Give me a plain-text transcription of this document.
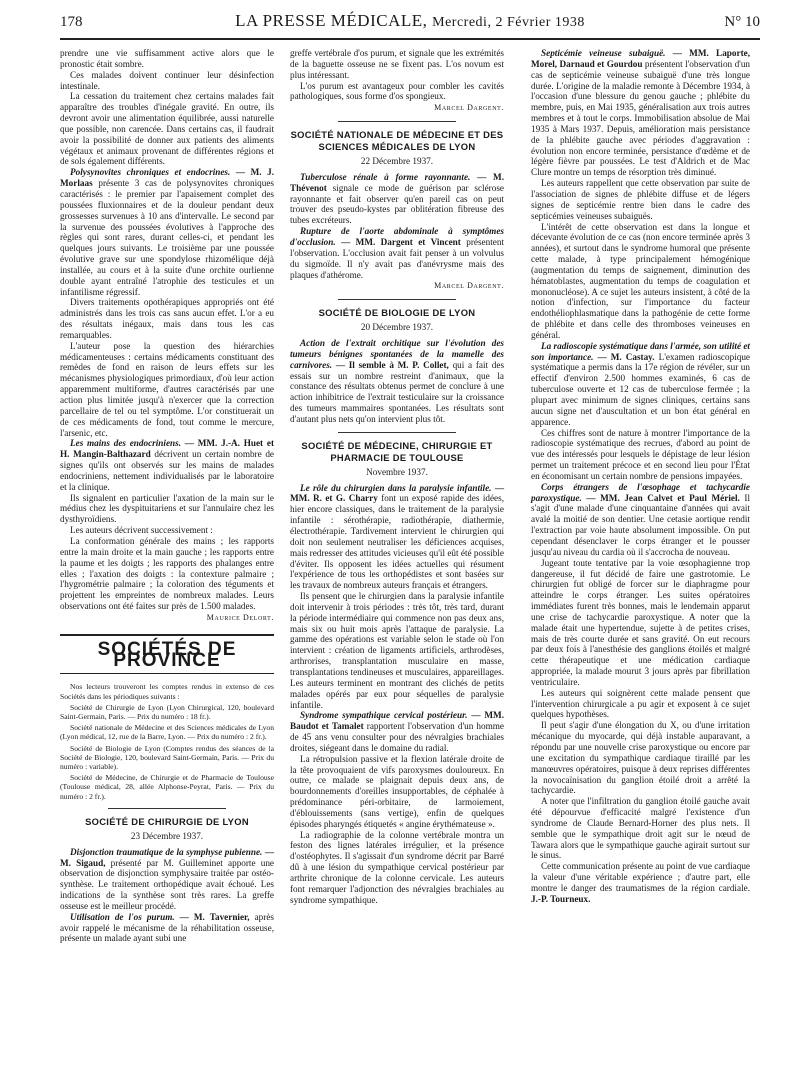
178	LA PRESSE MÉDICALE, Mercredi, 2 Février 1938	N° 10

prendre une vie suffisamment active alors que le pronostic était sombre.

Ces malades doivent continuer leur désinfection intestinale.

La cessation du traitement chez certains malades fait apparaître des troubles d'inégale gravité. En outre, ils devront avoir une alimentation équilibrée, aussi naturelle que possible, non carencée. Dans certains cas, il faudrait avoir la possibilité de donner aux patients des aliments végétaux et animaux provenant de différentes régions et de sols également différents.

Polysynovites chroniques et endocrines. — M. J. Morlaas présente 3 cas de polysynovites chroniques caractérisés : le premier par l'apaisement complet des poussées fluxionnaires et de la douleur pendant deux grossesses survenues à 10 ans d'intervalle. Le second par la survenue des poussées évolutives à l'approche des règles qui sont rares, durant celles-ci, et pendant les quelques jours suivants. Le troisième par une poussée évolutive grave sur une spondylose rhizomélique déjà installée, au cours et à la suite d'une orchite ourlienne double ayant entraîné l'atrophie des testicules et un infantilisme régressif.

Divers traitements opothérapiques appropriés ont été administrés dans les trois cas sans aucun effet. L'or a eu des résultats inégaux, mais dans tous les cas remarquables.

L'auteur pose la question des hiérarchies médicamenteuses : certains médicaments constituant des remèdes de fond en raison de leurs effets sur les mécanismes physiologiques primordiaux, d'où leur action apparemment multiforme, d'autres caractérisés par une action plus limitée jusqu'à n'exercer que la correction parcellaire de tel ou tel symptôme. L'or constituerait un de ces médicaments de fond, tout comme le mercure, l'arsenic, etc.

Les mains des endocriniens. — MM. J.-A. Huet et H. Mangin-Balthazard décrivent un certain nombre de signes qu'ils ont observés sur les mains de malades endocriniens, nettement individualisés par le laboratoire et la clinique.

Ils signalent en particulier l'axation de la main sur le médius chez les dyspituitariens et sur l'annulaire chez les dysthyroïdiens.

Les auteurs décrivent successivement :

La conformation générale des mains ; les rapports entre la main droite et la main gauche ; les rapports entre la paume et les doigts ; les rapports des phalanges entre elles ; l'axation des doigts : la contexture palmaire ; l'hygrométrie palmaire ; la coloration des téguments et projettent les empreintes de nombreux malades. Leurs observations ont été faites sur près de 1.500 malades.

Maurice Delort.
SOCIÉTÉS DE PROVINCE

Nos lecteurs trouveront les comptes rendus in extenso de ces Sociétés dans les périodiques suivants :

Société de Chirurgie de Lyon (Lyon Chirurgical, 120, boulevard Saint-Germain, Paris. — Prix du numéro : 18 fr.).

Société nationale de Médecine et des Sciences médicales de Lyon (Lyon médical, 12, rue de la Barre, Lyon. — Prix du numéro : 2 fr.).

Société de Biologie de Lyon (Comptes rendus des séances de la Société de Biologie, 120, boulevard Saint-Germain, Paris. — Prix du numéro : variable).

Société de Médecine, de Chirurgie et de Pharmacie de Toulouse (Toulouse médical, 28, allée Alphonse-Peyrat, Paris. — Prix du numéro : 2 fr.).

SOCIÉTÉ DE CHIRURGIE DE LYON
23 Décembre 1937.

Disjonction traumatique de la symphyse pubienne. — M. Sigaud, présenté par M. Guilleminet apporte une observation de disjonction symphysaire traitée par ostéo-synthèse. Le traitement orthopédique avait échoué. Les indications de la synthèse sont très rares. La greffe osseuse est le meilleur procédé.

Utilisation de l'os purum. — M. Tavernier, après avoir rappelé le mécanisme de la réhabilitation osseuse, présente un malade ayant subi une

greffe vertébrale d'os purum, et signale que les extrémités de la baguette osseuse ne se fixent pas. L'os novum est plus intéressant.

L'os purum est avantageux pour combler les cavités pathologiques, sous forme d'os spongieux.

Marcel Dargent.
SOCIÉTÉ NATIONALE DE MÉDECINE ET DES SCIENCES MÉDICALES DE LYON
22 Décembre 1937.

Tuberculose rénale à forme rayonnante. — M. Thévenot signale ce mode de guérison par sclérose rayonnante et fait observer qu'en pareil cas on peut trouver des pseudo-kystes par oblitération fibreuse des tubes excréteurs.

Rupture de l'aorte abdominale à symptômes d'occlusion. — MM. Dargent et Vincent présentent l'observation. L'occlusion avait fait penser à un volvulus du sigmoïde. Il n'y avait pas d'anévrysme mais des plaques d'athérome.

Marcel Dargent.
SOCIÉTÉ DE BIOLOGIE DE LYON
20 Décembre 1937.

Action de l'extrait orchitique sur l'évolution des tumeurs bénignes spontanées de la mamelle des carnivores. — Il semble à M. P. Collet, qui a fait des essais sur un nombre restreint d'animaux, que la constance des résultats obtenus permet de conclure à une action inhibitrice de l'extrait testiculaire sur la croissance des tumeurs mammaires spontanées. Les résultats sont d'autant plus nets qu'on intervient plus tôt.

SOCIÉTÉ DE MÉDECINE, CHIRURGIE ET PHARMACIE DE TOULOUSE
Novembre 1937.

Le rôle du chirurgien dans la paralysie infantile. — MM. R. et G. Charry font un exposé rapide des idées, hier encore classiques, dans le traitement de la paralysie infantile : sérothérapie, radiothérapie, diathermie, électrothérapie. Tardivement intervient le chirurgien qui doit non seulement neutraliser les déficiences acquises, mais redresser des attitudes vicieuses qu'il eût été possible d'éviter. Ils opposent les idées actuelles qui résument l'expérience de tous les orthopédistes et sont basées sur les travaux de nombreux auteurs français et étrangers.

Ils pensent que le chirurgien dans la paralysie infantile doit intervenir à trois périodes : très tôt, très tard, durant la période intermédiaire qui commence non pas deux ans, mais six ou huit mois après l'attaque de paralysie. La gamme des opérations est variable selon le stade où l'on intervient : création de ligaments artificiels, arthrodèses, arthrorises, transplantation musculaire en masse, transplantations tendineuses et musculaires, appareillages. Les auteurs terminent en montrant des clichés de petits malades opérés par eux pour séquelles de paralysie infantile.

Syndrome sympathique cervical postérieur. — MM. Baudot et Tamalet rapportent l'observation d'un homme de 45 ans venu consulter pour des névralgies brachiales droites, siégeant dans le domaine du radial.

La rétropulsion passive et la flexion latérale droite de la tête provoquaient de vifs paroxysmes douloureux. En outre, ce malade se plaignait depuis deux ans, de bourdonnements d'oreilles insupportables, de céphalée à prédominance péri-orbitaire, de larmoiement, d'éblouissements (sans vertige), enfin de quelques épisodes pharyngés étiquetés « angine érythémateuse ».

La radiographie de la colonne vertébrale montra un feston des lignes latérales irrégulier, et la présence d'ostéophytes. Il s'agissait d'un syndrome décrit par Barré dû à une lésion du sympathique cervical postérieur par arthrite chronique de la colonne cervicale. Les auteurs font remarquer l'adjonction des névralgies brachiales au syndrome sympathique.

Septicémie veineuse subaiguë. — MM. Laporte, Morel, Darnaud et Gourdou présentent l'observation d'un cas de septicémie veineuse subaiguë d'une très longue durée. L'origine de la maladie remonte à Décembre 1934, à l'occasion d'une blessure du genou gauche ; phlébite du membre, puis, en Mai 1935, généralisation aux trois autres membres et à tout le corps. Immobilisation absolue de Mai 1935 à Mars 1937. Depuis, amélioration mais persistance de la phlébite gauche avec périodes d'aggravation : évolution non encore terminée, persistance d'œdème et de légère fièvre par poussées. Le test d'Aldrich et de Mac Clure montre un temps de résorption très diminué.

Les auteurs rappellent que cette observation par suite de l'association de signes de phlébite diffuse et de légers signes de septicémie rentre bien dans le cadre des septicémies veineuses subaiguës.

L'intérêt de cette observation est dans la longue et décevante évolution de ce cas (non encore terminée après 3 années), et surtout dans le syndrome humoral que présente cette malade, à type principalement hémogénique (augmentation du temps de saignement, diminution des hématoblastes, augmentation du temps de coagulation et mononucléose). A ce sujet les auteurs insistent, à côté de la notion d'infection, sur l'importance du facteur endothéliophlasmatique dans la pathogénie de cette forme de phlébite et dans celle des thromboses veineuses en général.

La radioscopie systématique dans l'armée, son utilité et son importance. — M. Castay. L'examen radioscopique systématique a permis dans la 17e région de révéler, sur un effectif d'environ 2.500 hommes examinés, 6 cas de tuberculose ouverte et 12 cas de tuberculose fermée ; la plupart avec minimum de signes cliniques, certains sans aucun signe net d'auscultation et un bon état général en apparence.

Ces chiffres sont de nature à montrer l'importance de la radioscopie systématique des recrues, d'abord au point de vue des intéressés pour lesquels le dépistage de leur lésion permet un traitement précoce et en second lieu pour l'État en économisant un certain nombre de pensions impayées.

Corps étrangers de l'œsophage et tachycardie paroxystique. — MM. Jean Calvet et Paul Mériel. Il s'agit d'une malade d'une cinquantaine d'années qui avait avalé la moitié de son dentier. Une cetasie aortique rendit l'extraction par voie haute absolument impossible. On put cependant désenclaver le corps étranger et le pousser jusqu'au niveau du cardia où il s'accrocha de nouveau.

Jugeant toute tentative par la voie œsophagienne trop dangereuse, il fut décidé de faire une gastrotomie. Le chirurgien fut obligé de forcer sur le diaphragme pour atteindre le corps étranger. Les suites opératoires immédiates furent très bonnes, mais le lendemain apparut une crise de tachycardie paroxystique. A noter que la malade était une hypertendue, sujette à de petites crises, mais de très courte durée et sans gravité. On eut recours par deux fois à l'anesthésie des ganglions étoilés et malgré cette thérapeutique et une médication cardiaque appropriée, la malade mourut 3 jours après par fibrillation ventriculaire.

Les auteurs qui soignèrent cette malade pensent que l'intervention chirurgicale a pu agir et exposent à ce sujet quelques hypothèses.

Il peut s'agir d'une élongation du X, ou d'une irritation mécanique du myocarde, qui déjà instable auparavant, a répondu par une nouvelle crise paroxystique ou encore par une excitation du sympathique cardiaque tiraillé par les manœuvres opératoires, puisque à deux reprises différentes la novocaïnisation du ganglion étoilé droit a arrêté la tachycardie.

A noter que l'infiltration du ganglion étoilé gauche avait été dépourvue d'efficacité malgré l'existence d'un syndrome de Claude Bernard-Horner des plus nets. Il semble que le sympathique droit agit sur le nœud de Tawara alors que le sympathique gauche agirait surtout sur le sinus.

Cette communication présente au point de vue cardiaque la valeur d'une véritable expérience ; d'autre part, elle montre le danger des traumatismes de la région cardiale. J.-P. Tourneux.
